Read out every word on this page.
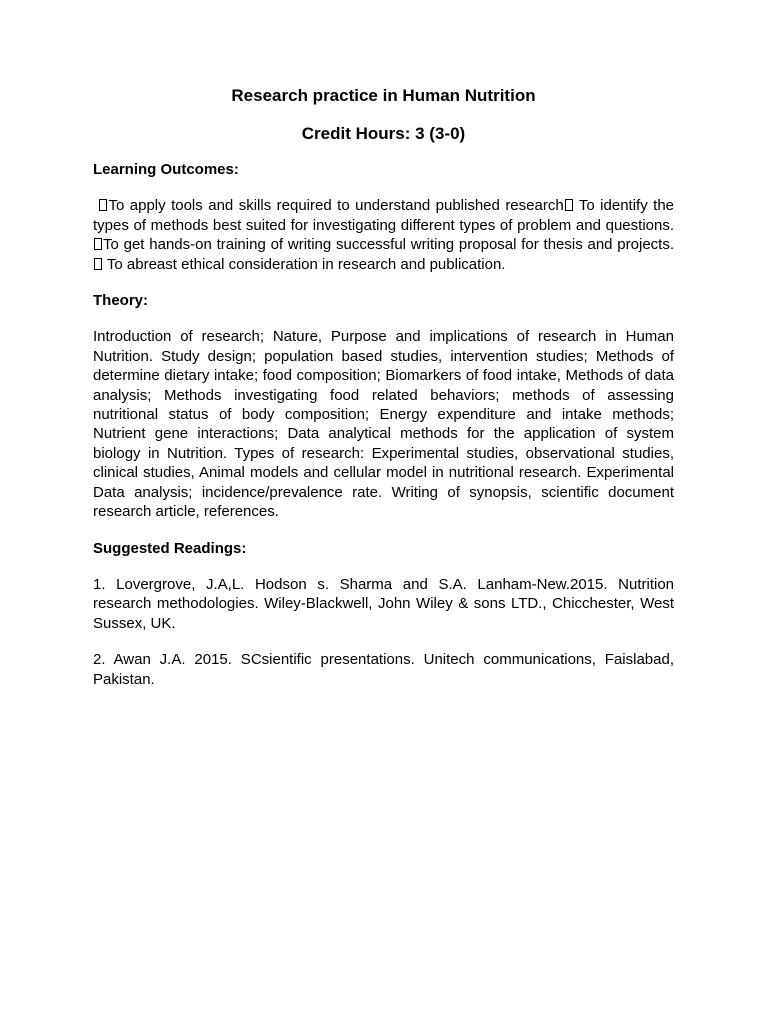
Research practice in Human Nutrition

Credit Hours: 3 (3-0)

Learning Outcomes:

To apply tools and skills required to understand published research To identify the types of methods best suited for investigating different types of problem and questions. To get hands-on training of writing successful writing proposal for thesis and projects.  To abreast ethical consideration in research and publication.

Theory:

Introduction of research; Nature, Purpose and implications of research in Human Nutrition. Study design; population based studies, intervention studies; Methods of determine dietary intake; food composition; Biomarkers of food intake, Methods of data analysis; Methods investigating food related behaviors; methods of assessing nutritional status of body composition; Energy expenditure and intake methods; Nutrient gene interactions; Data analytical methods for the application of system biology in Nutrition. Types of research: Experimental studies, observational studies, clinical studies, Animal models and cellular model in nutritional research. Experimental Data analysis; incidence/prevalence rate. Writing of synopsis, scientific document research article, references.

Suggested Readings:

1. Lovergrove, J.A,L. Hodson s. Sharma and S.A. Lanham-New.2015. Nutrition research methodologies. Wiley-Blackwell, John Wiley & sons LTD., Chicchester, West Sussex, UK.

2. Awan J.A. 2015. SCsientific presentations. Unitech communications, Faislabad, Pakistan.
